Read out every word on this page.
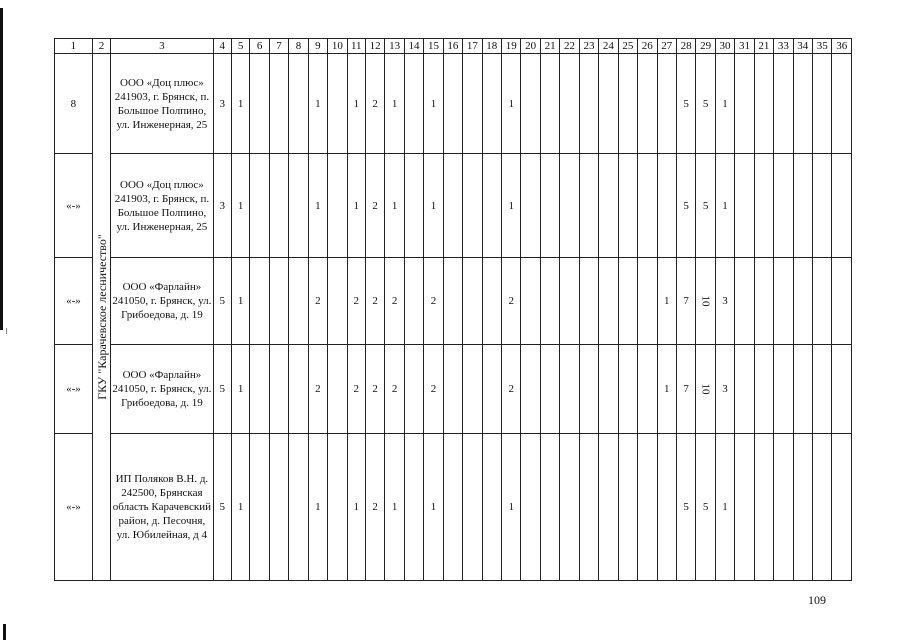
1	2	3	4	5	6	7	8	9	10	11	12	13	14	15	16	17	18	19	20	21	22	23	24	25	26	27	28	29	30	31	21	33	34	35	36
8	ГКУ "Карачевское лесничество"	ООО «Доц плюс» 241903, г. Брянск, п. Большое Полпино, ул. Инженерная, 25	3	1				1		1	2	1		1				1									5	5	1						
«-»		ООО «Доц плюс» 241903, г. Брянск, п. Большое Полпино, ул. Инженерная, 25	3	1				1		1	2	1		1				1									5	5	1						
«-»		ООО «Фарлайн» 241050, г. Брянск, ул. Грибоедова, д. 19	5	1				2		2	2	2		2				2								1	7	10	3						
«-»		ООО «Фарлайн» 241050, г. Брянск, ул. Грибоедова, д. 19	5	1				2		2	2	2		2				2								1	7	10	3						
«-»		ИП Поляков В.Н. д. 242500, Брянская область Карачевский район, д. Песочня, ул. Юбилейная, д 4	5	1				1		1	2	1		1				1									5	5	1						
109
